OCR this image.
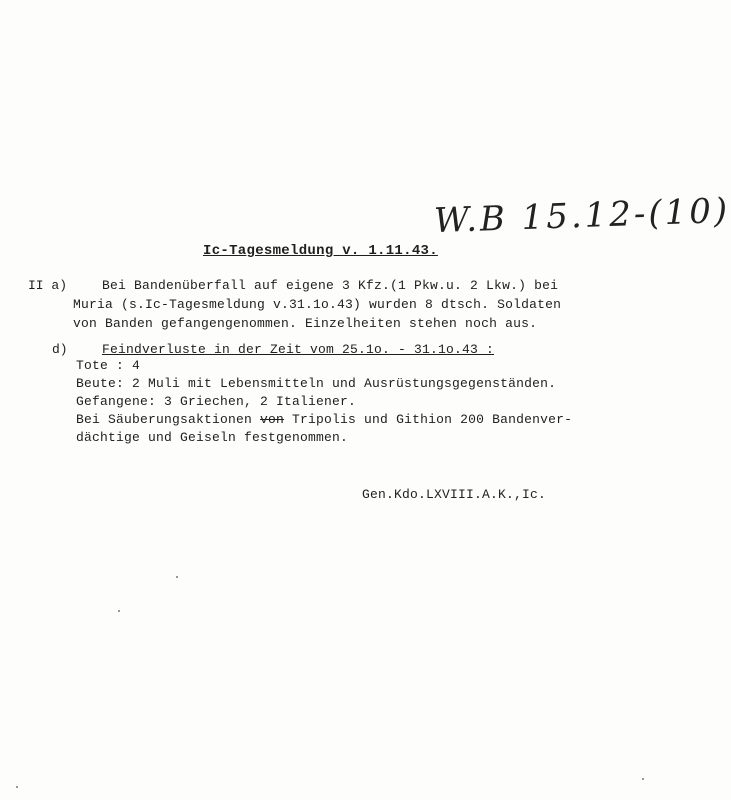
W.B 15.12-(10)
Ic-Tagesmeldung v. 1.11.43.
II a)	Bei Bandenüberfall auf eigene 3 Kfz.(1 Pkw.u. 2 Lkw.) bei
Muria (s.Ic-Tagesmeldung v.31.1o.43) wurden 8 dtsch. Soldaten
von Banden gefangengenommen. Einzelheiten stehen noch aus.
d)	Feindverluste in der Zeit vom 25.1o. - 31.1o.43 :
Tote : 4
Beute: 2 Muli mit Lebensmitteln und Ausrüstungsgegenständen.
Gefangene: 3 Griechen, 2 Italiener.
Bei Säuberungsaktionen von Tripolis und Githion 200 Bandenver-
dächtige und Geiseln festgenommen.
Gen.Kdo.LXVIII.A.K.,Ic.
